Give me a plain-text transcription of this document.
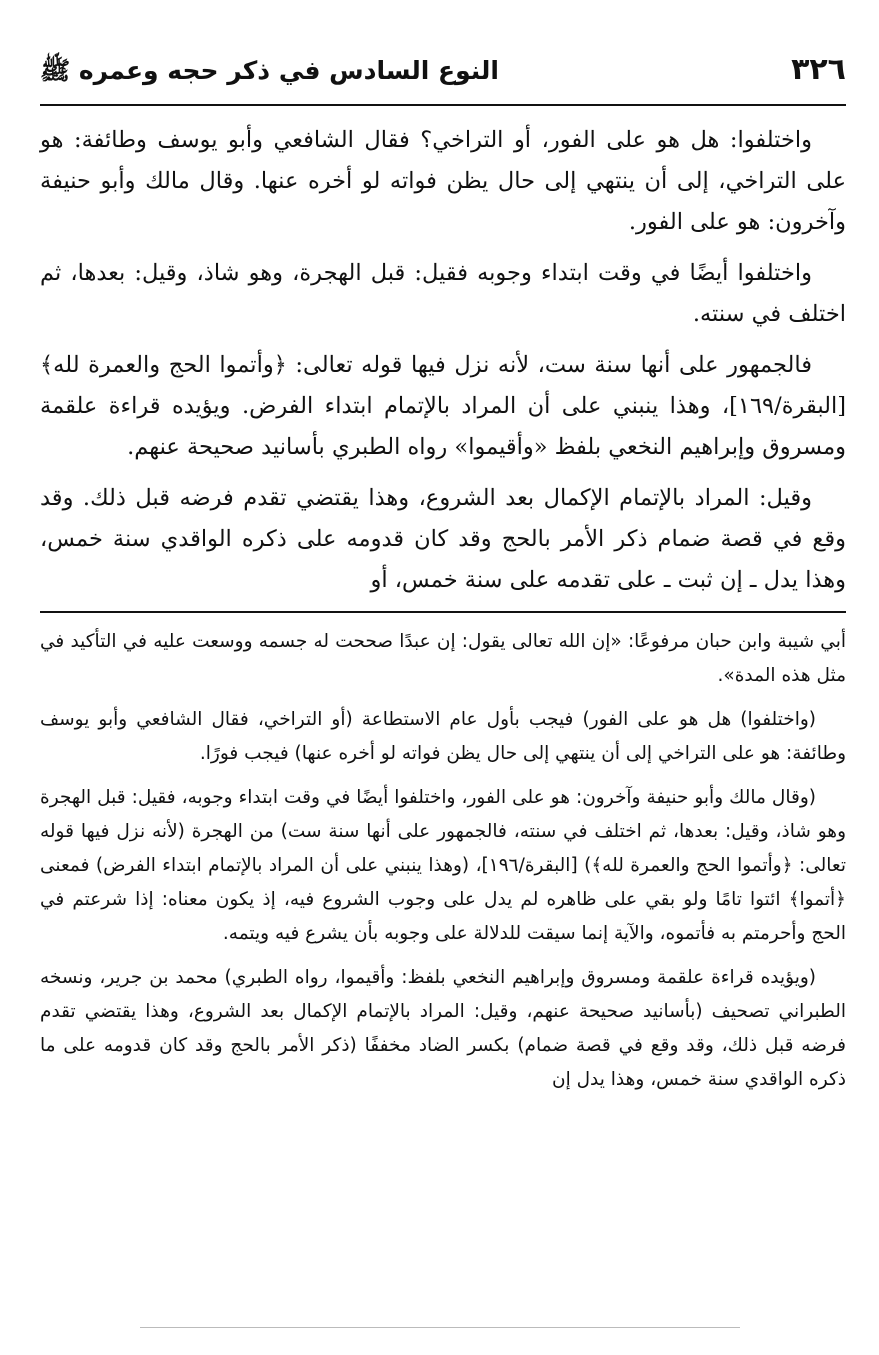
٣٢٦
النوع السادس في ذكر حجه وعمره ﷺ

واختلفوا: هل هو على الفور، أو التراخي؟ فقال الشافعي وأبو يوسف وطائفة: هو على التراخي، إلى أن ينتهي إلى حال يظن فواته لو أخره عنها. وقال مالك وأبو حنيفة وآخرون: هو على الفور.

واختلفوا أيضًا في وقت ابتداء وجوبه فقيل: قبل الهجرة، وهو شاذ، وقيل: بعدها، ثم اختلف في سنته.

فالجمهور على أنها سنة ست، لأنه نزل فيها قوله تعالى: ﴿وأتموا الحج والعمرة لله﴾ [البقرة/١٦٩]، وهذا ينبني على أن المراد بالإتمام ابتداء الفرض. ويؤيده قراءة علقمة ومسروق وإبراهيم النخعي بلفظ «وأقيموا» رواه الطبري بأسانيد صحيحة عنهم.

وقيل: المراد بالإتمام الإكمال بعد الشروع، وهذا يقتضي تقدم فرضه قبل ذلك. وقد وقع في قصة ضمام ذكر الأمر بالحج وقد كان قدومه على ذكره الواقدي سنة خمس، وهذا يدل ـ إن ثبت ـ على تقدمه على سنة خمس، أو

أبي شيبة وابن حبان مرفوعًا: «إن الله تعالى يقول: إن عبدًا صححت له جسمه ووسعت عليه في التأكيد في مثل هذه المدة».

(واختلفوا) هل هو على الفور) فيجب بأول عام الاستطاعة (أو التراخي، فقال الشافعي وأبو يوسف وطائفة: هو على التراخي إلى أن ينتهي إلى حال يظن فواته لو أخره عنها) فيجب فورًا.

(وقال مالك وأبو حنيفة وآخرون: هو على الفور، واختلفوا أيضًا في وقت ابتداء وجوبه، فقيل: قبل الهجرة وهو شاذ، وقيل: بعدها، ثم اختلف في سنته، فالجمهور على أنها سنة ست) من الهجرة (لأنه نزل فيها قوله تعالى: ﴿وأتموا الحج والعمرة لله﴾) [البقرة/١٩٦]، (وهذا ينبني على أن المراد بالإتمام ابتداء الفرض) فمعنى ﴿أتموا﴾ ائتوا تامًا ولو بقي على ظاهره لم يدل على وجوب الشروع فيه، إذ يكون معناه: إذا شرعتم في الحج وأحرمتم به فأتموه، والآية إنما سيقت للدلالة على وجوبه بأن يشرع فيه ويتمه.

(ويؤيده قراءة علقمة ومسروق وإبراهيم النخعي بلفظ: وأقيموا، رواه الطبري) محمد بن جرير، ونسخه الطبراني تصحيف (بأسانيد صحيحة عنهم، وقيل: المراد بالإتمام الإكمال بعد الشروع، وهذا يقتضي تقدم فرضه قبل ذلك، وقد وقع في قصة ضمام) بكسر الضاد مخففًا (ذكر الأمر بالحج وقد كان قدومه على ما ذكره الواقدي سنة خمس، وهذا يدل إن
